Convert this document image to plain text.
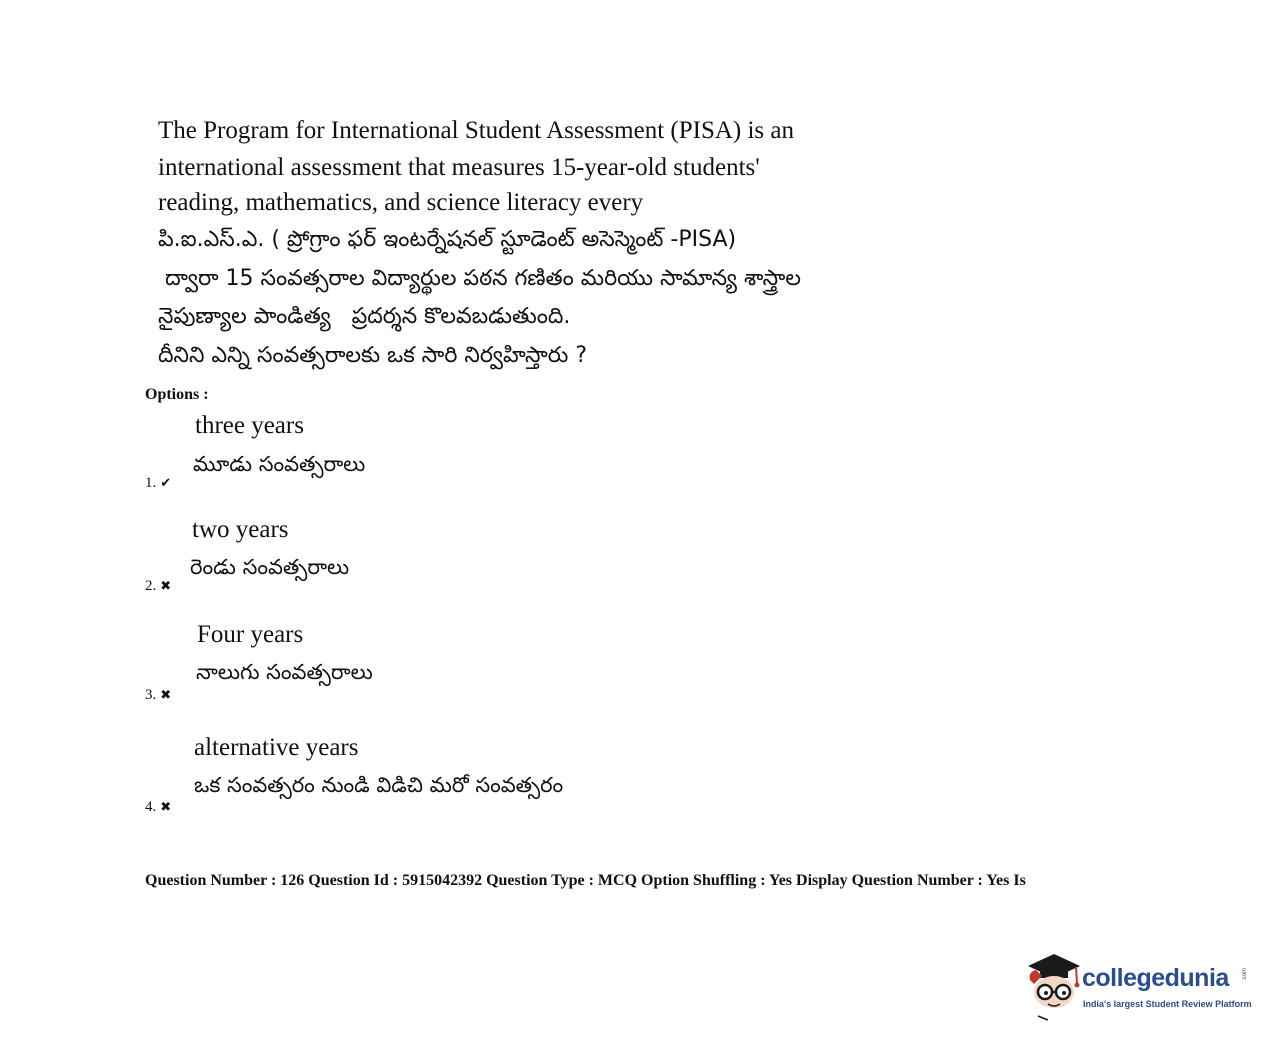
The Program for International Student Assessment (PISA) is an
international assessment that measures 15-year-old students'
reading, mathematics, and science literacy every
పి.ఐ.ఎస్.ఎ. ( ప్రోగ్రాం ఫర్ ఇంటర్నేషనల్ స్టూడెంట్ అసెస్మెంట్ -PISA)
ద్వారా 15 సంవత్సరాల విద్యార్థుల పఠన గణితం మరియు సామాన్య శాస్త్రాల
నైపుణ్యాల పాండిత్య   ప్రదర్శన కొలవబడుతుంది.
దీనిని ఎన్ని సంవత్సరాలకు ఒక సారి నిర్వహిస్తారు ?
Options :
three years
మూడు సంవత్సరాలు
1. ✔
two years
రెండు సంవత్సరాలు
2. ✖
Four years
నాలుగు సంవత్సరాలు
3. ✖
alternative years
ఒక సంవత్సరం నుండి విడిచి మరో సంవత్సరం
4. ✖
Question Number : 126 Question Id : 5915042392 Question Type : MCQ Option Shuffling : Yes Display Question Number : Yes Is
collegedunia .com
India's largest Student Review Platform
